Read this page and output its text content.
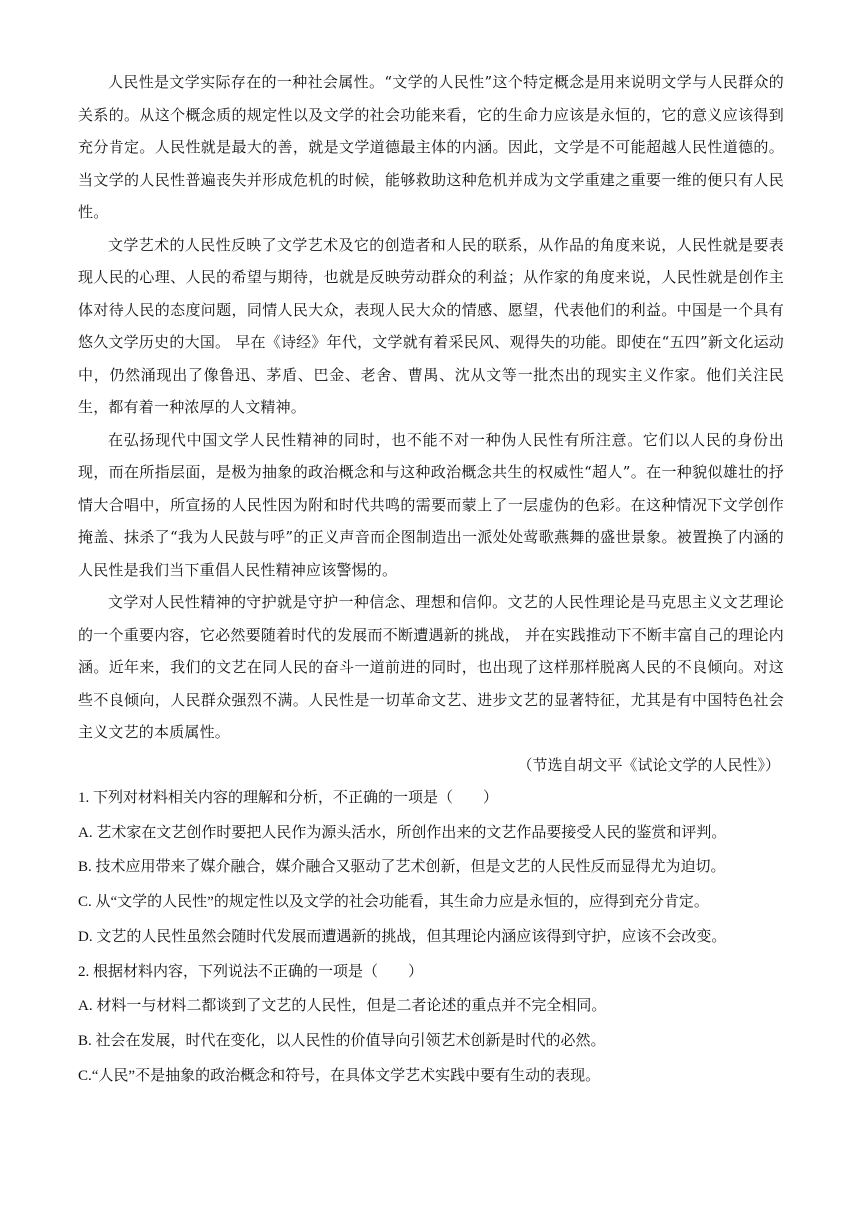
人民性是文学实际存在的一种社会属性。“文学的人民性”这个特定概念是用来说明文学与人民群众的关系的。从这个概念质的规定性以及文学的社会功能来看，它的生命力应该是永恒的，它的意义应该得到充分肯定。人民性就是最大的善，就是文学道德最主体的内涵。因此，文学是不可能超越人民性道德的。当文学的人民性普遍丧失并形成危机的时候，能够救助这种危机并成为文学重建之重要一维的便只有人民性。

文学艺术的人民性反映了文学艺术及它的创造者和人民的联系，从作品的角度来说，人民性就是要表现人民的心理、人民的希望与期待，也就是反映劳动群众的利益；从作家的角度来说，人民性就是创作主体对待人民的态度问题，同情人民大众，表现人民大众的情感、愿望，代表他们的利益。中国是一个具有悠久文学历史的大国。 早在《诗经》年代，文学就有着采民风、观得失的功能。即使在“五四”新文化运动中，仍然涌现出了像鲁迅、茅盾、巴金、老舍、曹禺、沈从文等一批杰出的现实主义作家。他们关注民生，都有着一种浓厚的人文精神。

在弘扬现代中国文学人民性精神的同时，也不能不对一种伪人民性有所注意。它们以人民的身份出现，而在所指层面，是极为抽象的政治概念和与这种政治概念共生的权威性“超人”。在一种貌似雄壮的抒情大合唱中，所宣扬的人民性因为附和时代共鸣的需要而蒙上了一层虚伪的色彩。在这种情况下文学创作掩盖、抹杀了“我为人民鼓与呼”的正义声音而企图制造出一派处处莺歌燕舞的盛世景象。被置换了内涵的人民性是我们当下重倡人民性精神应该警惕的。

文学对人民性精神的守护就是守护一种信念、理想和信仰。文艺的人民性理论是马克思主义文艺理论的一个重要内容，它必然要随着时代的发展而不断遭遇新的挑战， 并在实践推动下不断丰富自己的理论内涵。近年来，我们的文艺在同人民的奋斗一道前进的同时，也出现了这样那样脱离人民的不良倾向。对这些不良倾向，人民群众强烈不满。人民性是一切革命文艺、进步文艺的显著特征，尤其是有中国特色社会主义文艺的本质属性。

（节选自胡文平《试论文学的人民性》）

1. 下列对材料相关内容的理解和分析，不正确的一项是（　　）

A. 艺术家在文艺创作时要把人民作为源头活水，所创作出来的文艺作品要接受人民的鉴赏和评判。

B. 技术应用带来了媒介融合，媒介融合又驱动了艺术创新，但是文艺的人民性反而显得尤为迫切。

C. 从“文学的人民性”的规定性以及文学的社会功能看，其生命力应是永恒的，应得到充分肯定。

D. 文艺的人民性虽然会随时代发展而遭遇新的挑战，但其理论内涵应该得到守护，应该不会改变。

2. 根据材料内容，下列说法不正确的一项是（　　）

A. 材料一与材料二都谈到了文艺的人民性，但是二者论述的重点并不完全相同。

B. 社会在发展，时代在变化，以人民性的价值导向引领艺术创新是时代的必然。

C.“人民”不是抽象的政治概念和符号，在具体文学艺术实践中要有生动的表现。
